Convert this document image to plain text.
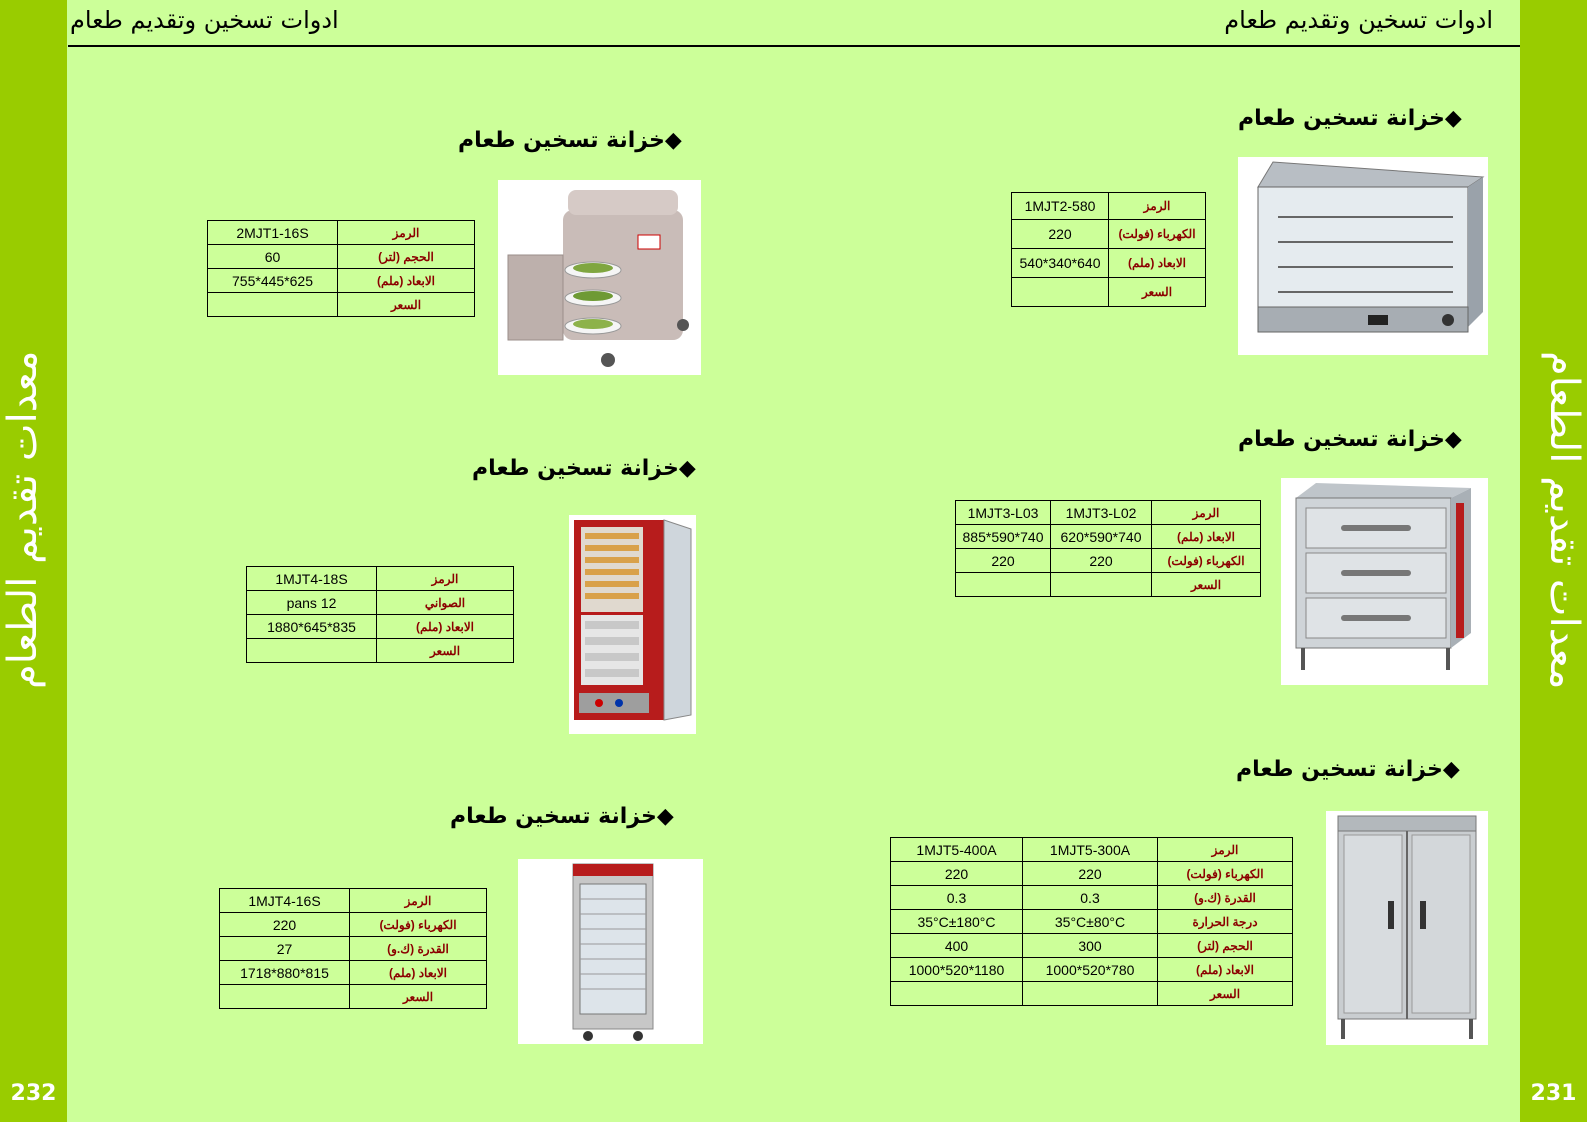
معدات تقديم الطعام
232
معدات تقديم الطعام
231
ادوات تسخين وتقديم طعام	ادوات تسخين وتقديم طعام
◆خزانة تسخين طعام
الرمز	2MJT1-16S
الحجم (لتر)	60
الابعاد (ملم)	625*445*755
السعر	
◆خزانة تسخين طعام
الرمز	1MJT4-18S
الصواني	12 pans
الابعاد (ملم)	835*645*1880
السعر	
◆خزانة تسخين طعام
الرمز	1MJT4-16S
الكهرباء (فولت)	220
القدرة (ك.و)	27
الابعاد (ملم)	815*880*1718
السعر	
◆خزانة تسخين طعام
الرمز	1MJT2-580
الكهرباء (فولت)	220
الابعاد (ملم)	640*340*540
السعر	
◆خزانة تسخين طعام
الرمز	1MJT3-L02	1MJT3-L03
الابعاد (ملم)	740*590*620	740*590*885
الكهرباء (فولت)	220	220
السعر		
◆خزانة تسخين طعام
الرمز	1MJT5-300A	1MJT5-400A
الكهرباء (فولت)	220	220
القدرة (ك.و)	0.3	0.3
درجة الحرارة	35°C±80°C	35°C±180°C
الحجم (لتر)	300	400
الابعاد (ملم)	780*520*1000	1180*520*1000
السعر		
